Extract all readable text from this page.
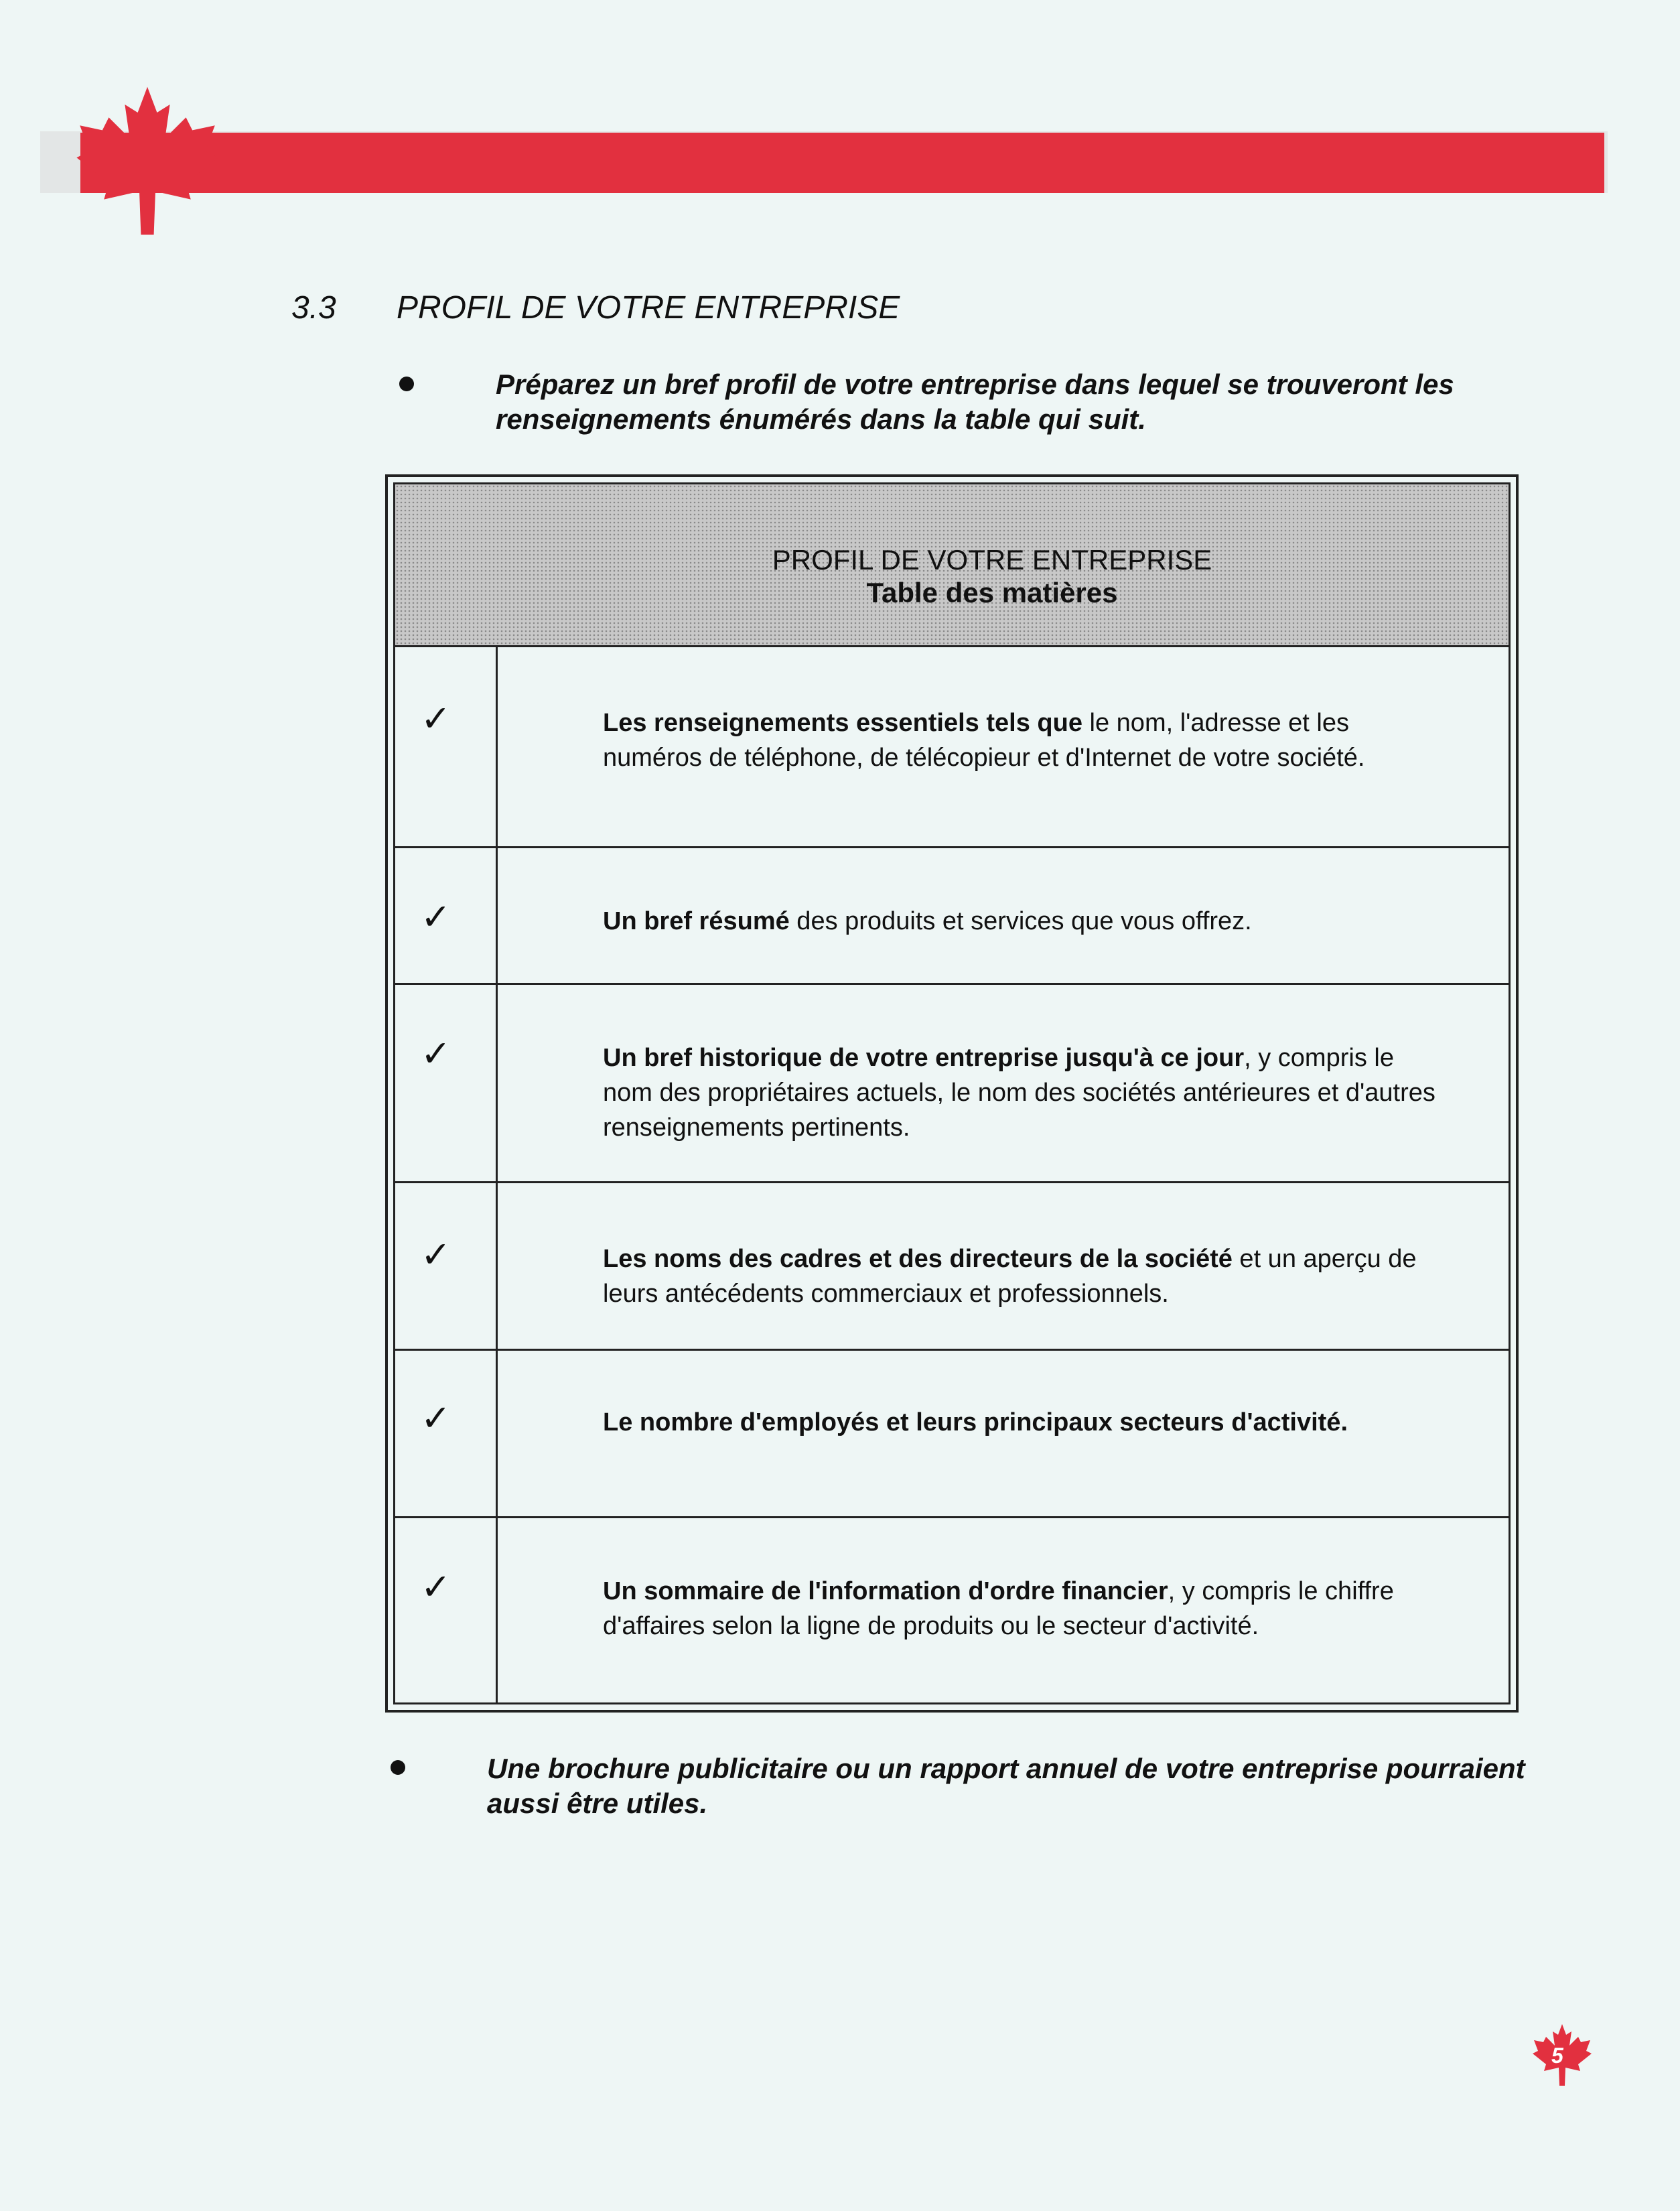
3.3 PROFIL DE VOTRE ENTREPRISE
Préparez un bref profil de votre entreprise dans lequel se trouveront les renseignements énumérés dans la table qui suit.
PROFIL DE VOTRE ENTREPRISE
Table des matières
✓	Les renseignements essentiels tels que le nom, l'adresse et les numéros de téléphone, de télécopieur et d'Internet de votre société.
✓	Un bref résumé des produits et services que vous offrez.
✓	Un bref historique de votre entreprise jusqu'à ce jour, y compris le nom des propriétaires actuels, le nom des sociétés antérieures et d'autres renseignements pertinents.
✓	Les noms des cadres et des directeurs de la société et un aperçu de leurs antécédents commerciaux et professionnels.
✓	Le nombre d'employés et leurs principaux secteurs d'activité.
✓	Un sommaire de l'information d'ordre financier, y compris le chiffre d'affaires selon la ligne de produits ou le secteur d'activité.
Une brochure publicitaire ou un rapport annuel de votre entreprise pourraient aussi être utiles.
5
